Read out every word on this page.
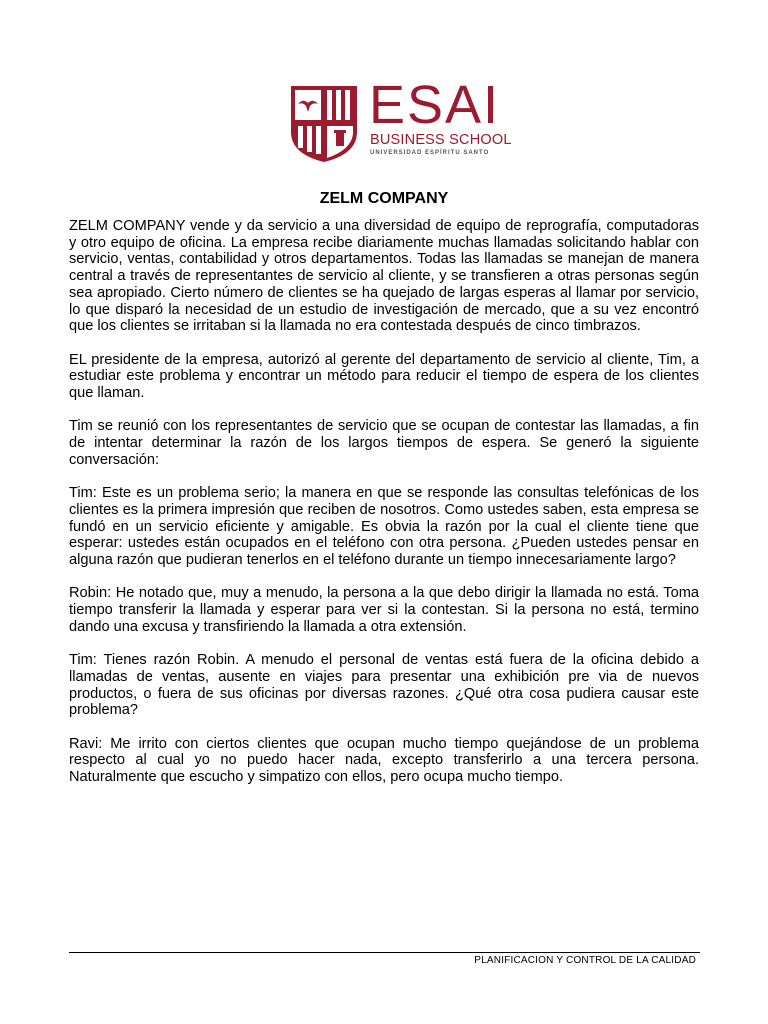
ESAI
BUSINESS SCHOOL
UNIVERSIDAD ESPÍRITU SANTO
ZELM COMPANY

ZELM COMPANY vende y da servicio a una diversidad de equipo de reprografía, computadoras y otro equipo de oficina. La empresa recibe diariamente muchas llamadas solicitando hablar con servicio, ventas, contabilidad y otros departamentos. Todas las llamadas se manejan de manera central a través de representantes de servicio al cliente, y se transfieren a otras personas según sea apropiado. Cierto número de clientes se ha quejado de largas esperas al llamar por servicio, lo que disparó la necesidad de un estudio de investigación de mercado, que a su vez encontró que los clientes se irritaban si la llamada no era contestada después de cinco timbrazos.

EL presidente de la empresa, autorizó al gerente del departamento de servicio al cliente, Tim, a estudiar este problema y encontrar un método para reducir el tiempo de espera de los clientes que llaman.

Tim se reunió con los representantes de servicio que se ocupan de contestar las llamadas, a fin de intentar determinar la razón de los largos tiempos de espera. Se generó la siguiente conversación:

Tim: Este es un problema serio; la manera en que se responde las consultas telefónicas de los clientes es la primera impresión que reciben de nosotros. Como ustedes saben, esta empresa se fundó en un servicio eficiente y amigable. Es obvia la razón por la cual el cliente tiene que esperar: ustedes están ocupados en el teléfono con otra persona. ¿Pueden ustedes pensar en alguna razón que pudieran tenerlos en el teléfono durante un tiempo innecesariamente largo?

Robin: He notado que, muy a menudo, la persona a la que debo dirigir la llamada no está. Toma tiempo transferir la llamada y esperar para ver si la contestan. Si la persona no está, termino dando una excusa y transfiriendo la llamada a otra extensión.

Tim: Tienes razón Robin. A menudo el personal de ventas está fuera de la oficina debido a llamadas de ventas, ausente en viajes para presentar una exhibición pre via de nuevos productos, o fuera de sus oficinas por diversas razones. ¿Qué otra cosa pudiera causar este problema?

Ravi: Me irrito con ciertos clientes que ocupan mucho tiempo quejándose de un problema respecto al cual yo no puedo hacer nada, excepto transferirlo a una tercera persona. Naturalmente que escucho y simpatizo con ellos, pero ocupa mucho tiempo.

PLANIFICACION Y CONTROL DE LA CALIDAD
